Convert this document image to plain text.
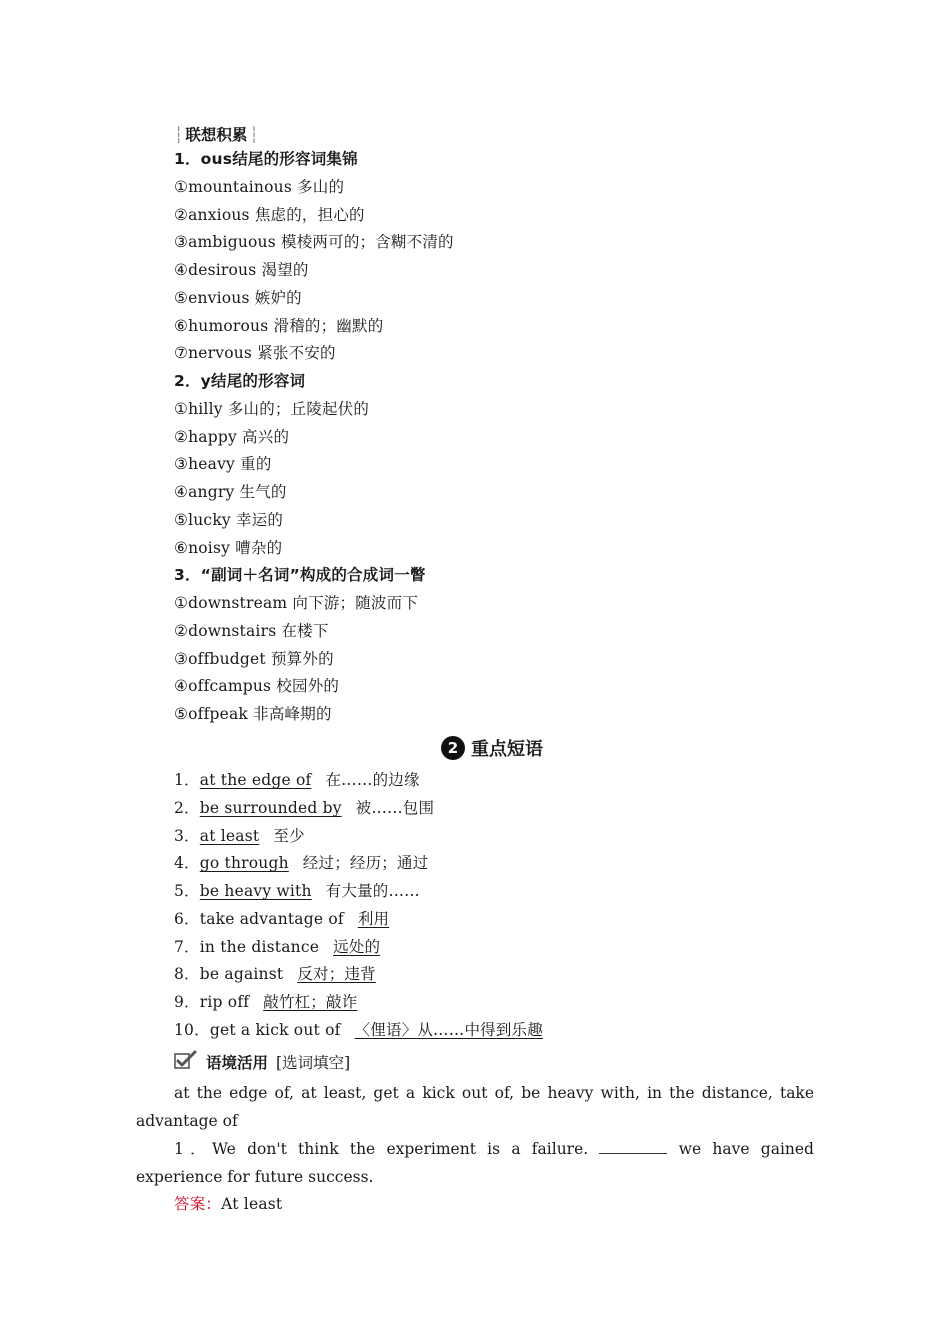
┆ 联想积累 ┆
1．ous结尾的形容词集锦
①mountainous 多山的
②anxious 焦虑的，担心的
③ambiguous 模棱两可的；含糊不清的
④desirous 渴望的
⑤envious 嫉妒的
⑥humorous 滑稽的；幽默的
⑦nervous 紧张不安的
2．y结尾的形容词
①hilly 多山的；丘陵起伏的
②happy 高兴的
③heavy 重的
④angry 生气的
⑤lucky 幸运的
⑥noisy 嘈杂的
3．“副词＋名词”构成的合成词一瞥
①downstream 向下游；随波而下
②downstairs 在楼下
③offbudget 预算外的
④offcampus 校园外的
⑤offpeak 非高峰期的
2 重点短语
1．at the edge of 在……的边缘
2．be surrounded by 被……包围
3．at least 至少
4．go through 经过；经历；通过
5．be heavy with 有大量的……
6．take advantage of 利用
7．in the distance 远处的
8．be against 反对；违背
9．rip off 敲竹杠；敲诈
10．get a kick out of 〈俚语〉从……中得到乐趣
语境活用 [选词填空]
at the edge of, at least, get a kick out of, be heavy with, in the distance, take advantage of
1．We don't think the experiment is a failure.	we have gained experience for future success.
答案：At least
